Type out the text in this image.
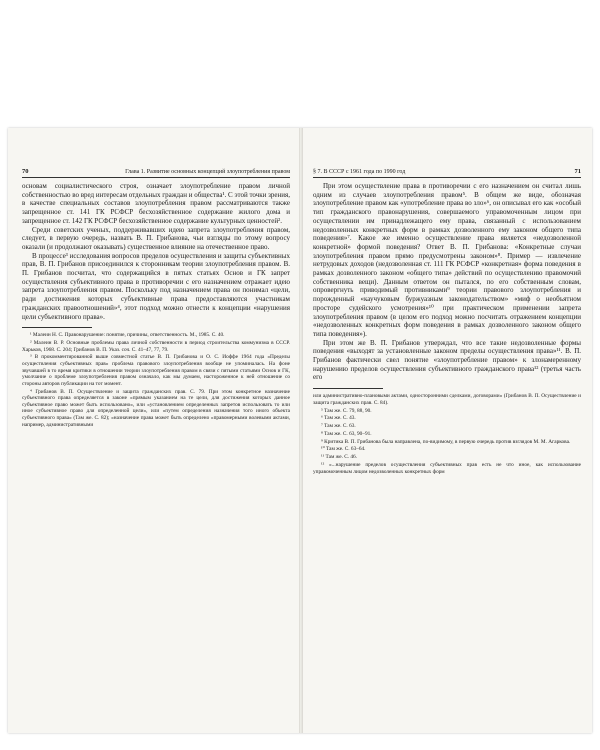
70	Глава 1. Развитие основных концепций злоупотребления правом

основам социалистического строя, означает злоупотребление правом личной собственностью во вред интересам отдельных граждан и общества¹. С этой точки зрения, в качестве специальных составов злоупотребления правом рассматриваются также запрещенное ст. 141 ГК РСФСР бесхозяйственное содержание жилого дома и запрещенное ст. 142 ГК РСФСР бесхозяйственное содержание культурных ценностей².

Среди советских ученых, поддерживавших идею запрета злоупотребления правом, следует, в первую очередь, назвать В. П. Грибанова, чьи взгляды по этому вопросу оказали (и продолжают оказывать) существенное влияние на отечественное право.

В процессе³ исследования вопросов пределов осуществления и защиты субъективных прав, В. П. Грибанов присоединился к сторонникам теории злоупотребления правом. В. П. Грибанов посчитал, что содержащийся в пятых статьях Основ и ГК запрет осуществления субъективного права в противоречии с его назначением отражает идею запрета злоупотребления правом. Поскольку под назначением права он понимал «цели, ради достижения которых субъективные права предоставляются участникам гражданских правоотношений»⁴, этот подход можно отнести к концепции «нарушения цели субъективного права».

¹ Малеин Н. С. Правонарушение: понятие, причины, ответственность. М., 1985. С. 40.

² Малеин В. Р. Основные проблемы права личной собственности в период строительства коммунизма в СССР. Харьков, 1968. С. 204; Грибанов В. П. Указ. соч. С. 41–47, 77, 79.

³ В прокомментированной выше совместной статье В. П. Грибанова и О. С. Иоффе 1964 года «Пределы осуществления субъективных прав» проблема правового злоупотребления вообще не упоминалась. На фоне звучавшей в то время критики в отношении теории злоупотребления правом в связи с пятыми статьями Основ и ГК, умолчание о проблеме злоупотребления правом означало, как мы думаем, настороженное к ней отношение со стороны авторов публикации на тот момент.

⁴ Грибанов В. П. Осуществление и защита гражданских прав. С. 79. При этом конкретное назначение субъективного права определяется в законе «прямым указанием на те цели, для достижения которых данное субъективное право может быть использовано», или «установлением определенных запретов использовать то или иное субъективное право для определенной цели», или «путем определения назначения того иного объекта субъективного права» (Там же. С. 82); «назначение права может быть определено «правомерными волевыми актами, например, административными

§ 7. В СССР с 1961 года по 1990 год	71

При этом осуществление права в противоречии с его назначением он считал лишь одним из случаев злоупотребления правом⁵. В общем же виде, обозначая злоупотребление правом как «употребление права во зло»⁶, он описывал его как «особый тип гражданского правонарушения, совершаемого управомоченным лицом при осуществлении им принадлежащего ему права, связанный с использованием недозволенных конкретных форм в рамках дозволенного ему законом общего типа поведения»⁷. Какое же именно осуществление права является «недозволенной конкретной» формой поведения? Ответ В. П. Грибанова: «Конкретные случаи злоупотребления правом прямо предусмотрены законом»⁸. Пример — извлечение нетрудовых доходов (недозволенная ст. 111 ГК РСФСР «конкретная» форма поведения в рамках дозволенного законом «общего типа» действий по осуществлению правомочий собственника вещи). Данным ответом он пытался, по его собственным словам, опровергнуть приводимый противниками⁹ теории правового злоупотребления и порожденный «каучуковым буржуазным законодательством» «миф о необъятном просторе судейского усмотрения»¹⁰ при практическом применении запрета злоупотребления правом (в целом его подход можно посчитать отражением концепции «недозволенных конкретных форм поведения в рамках дозволенного законом общего типа поведения»).

При этом же В. П. Грибанов утверждал, что все такие недозволенные формы поведения «выходят за установленные законом пределы осуществления права»¹¹. В. П. Грибанов фактически свел понятие «злоупотребление правом» к злонамеренному нарушению пределов осуществления субъективного гражданского права¹² (третья часть его

или административно-плановыми актами, односторонними сделками, договорами» (Грибанов В. П. Осуществление и защита гражданских прав. С. 84).

⁵ Там же. С. 79, 88, 90.

⁶ Там же. С. 43.

⁷ Там же. С. 63.

⁸ Там же. С. 63, 90–91.

⁹ Критика В. П. Грибанова была направлена, по-видимому, в первую очередь против взглядов М. М. Агаркова.

¹⁰ Там же. С. 63–64.

¹¹ Там же. С. 46.

¹² «...нарушение пределов осуществления субъективных прав есть не что иное, как использование управомоченным лицом недозволенных конкретных форм
